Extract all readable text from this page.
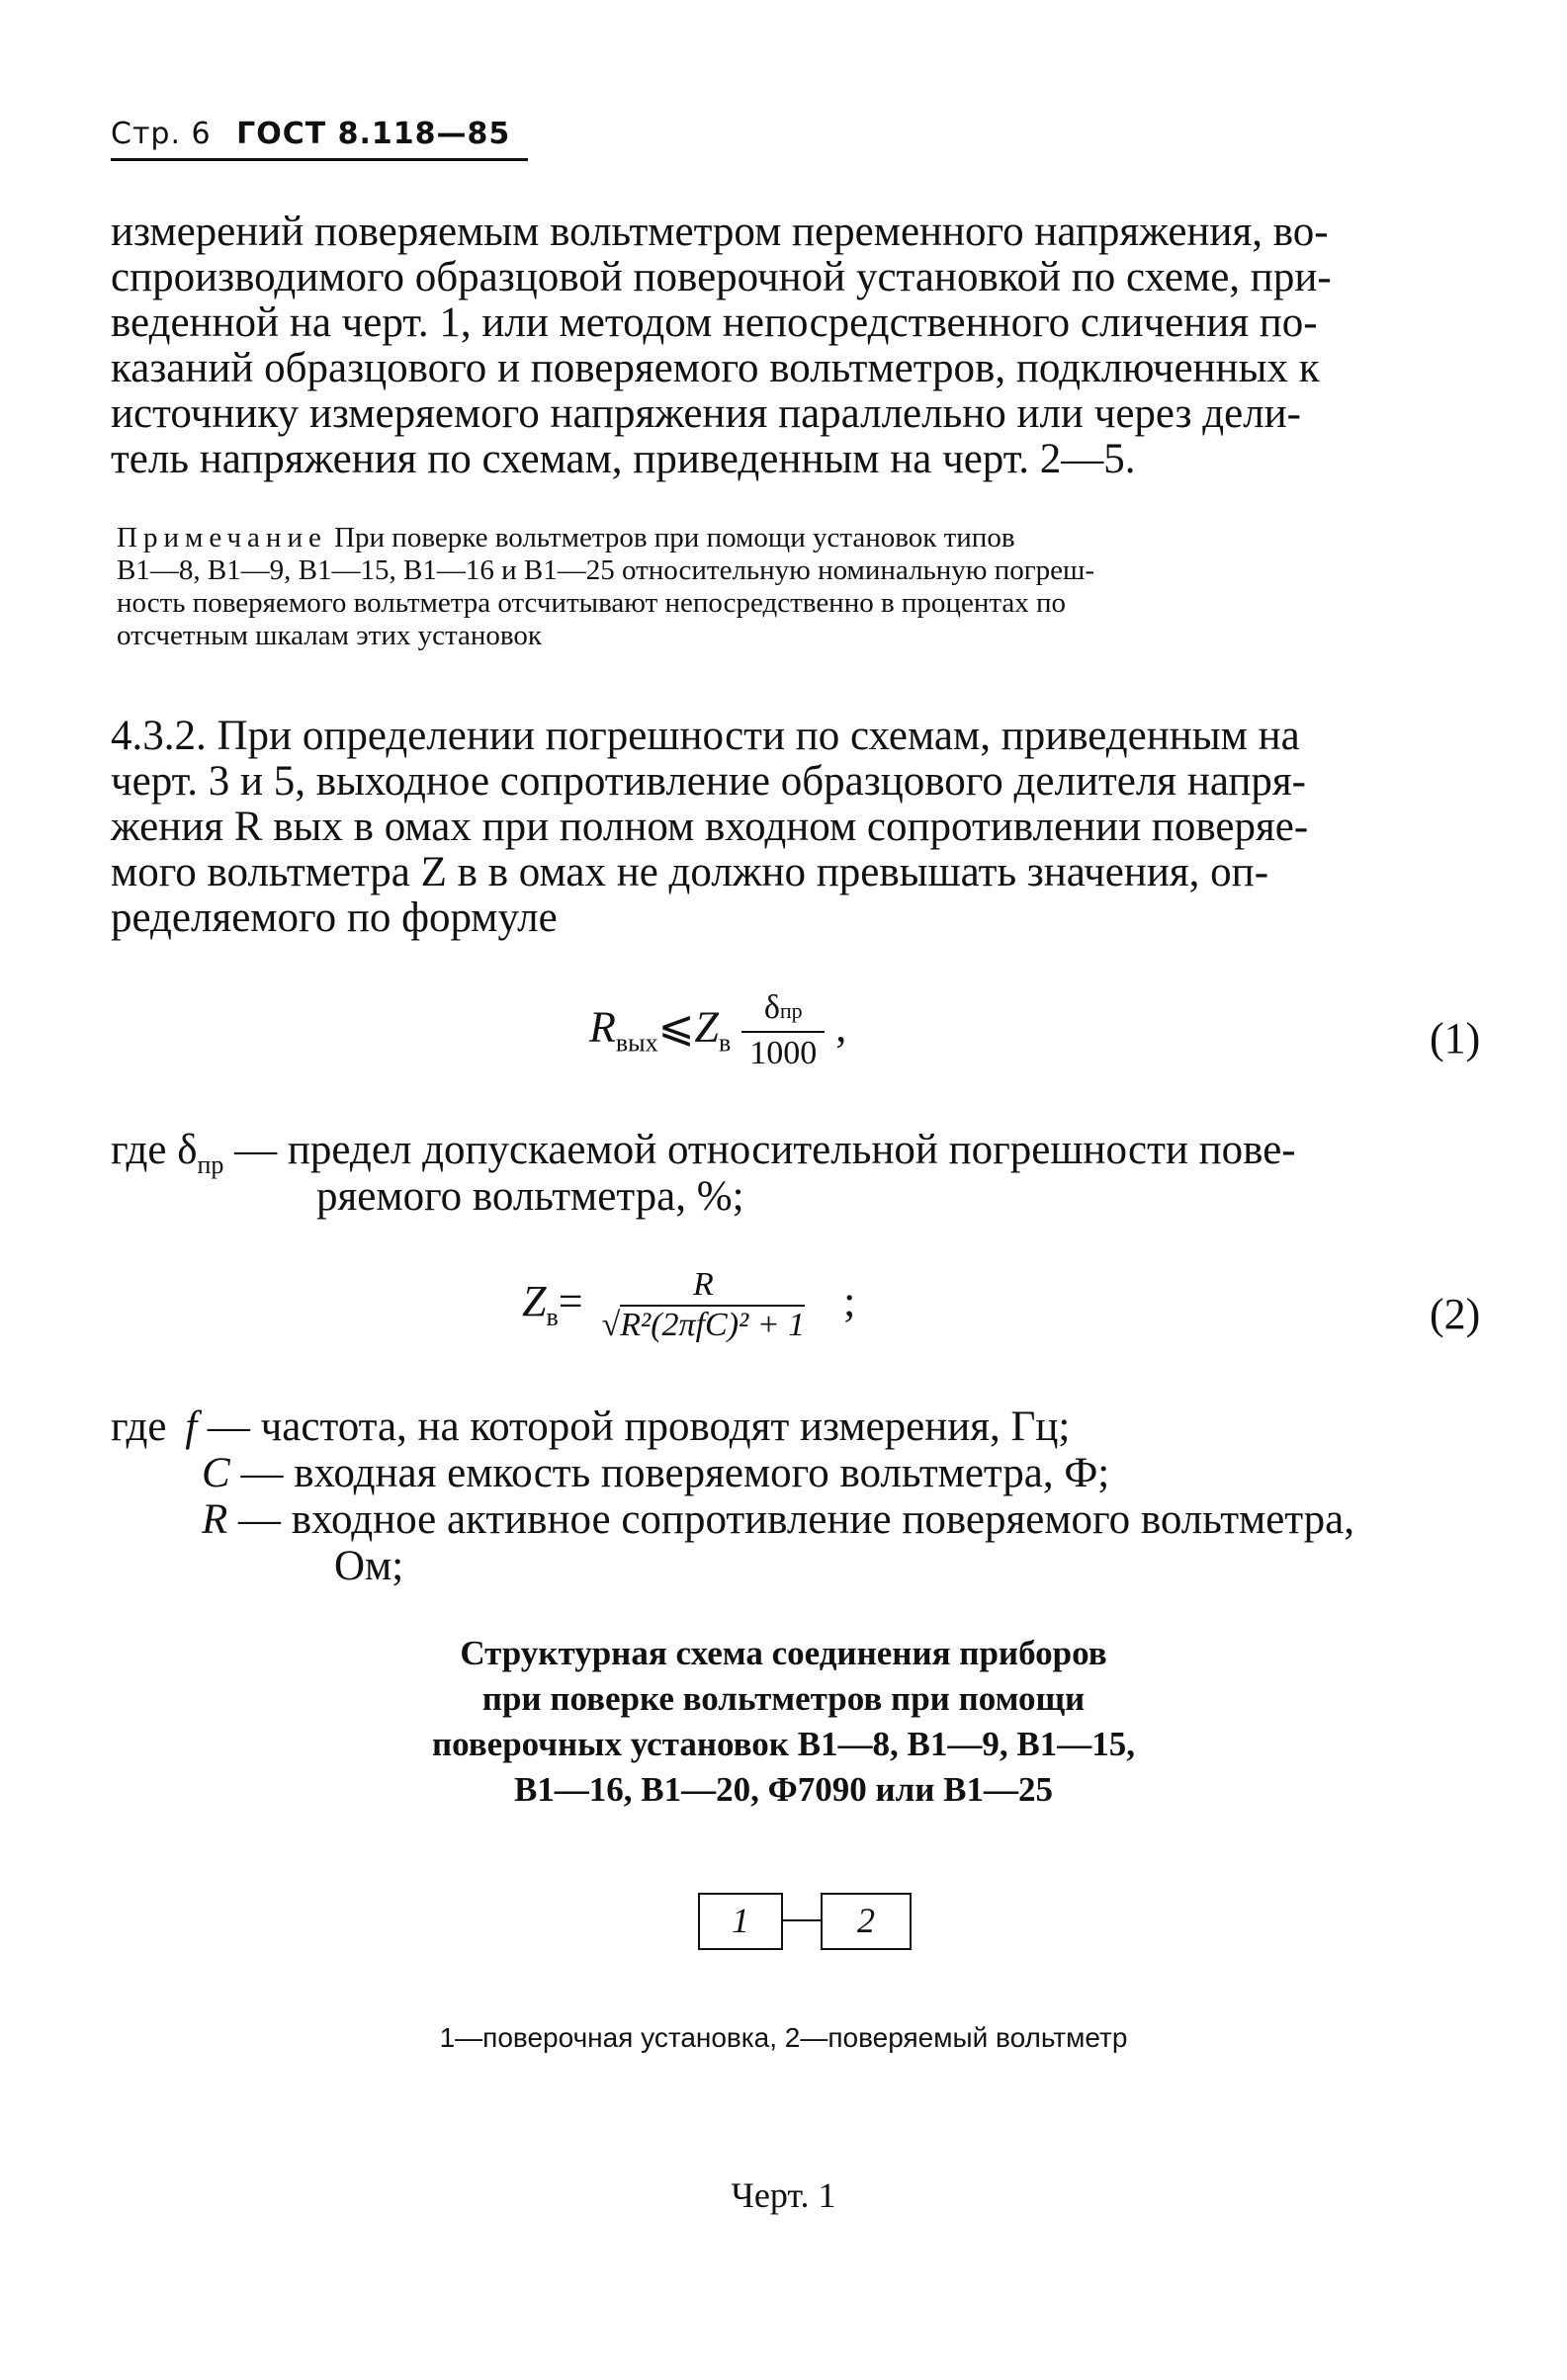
Стр. 6 ГОСТ 8.118—85
измерений поверяемым вольтметром переменного напряжения, во-
спроизводимого образцовой поверочной установкой по схеме, при-
веденной на черт. 1, или методом непосредственного сличения по-
казаний образцового и поверяемого вольтметров, подключенных к
источнику измеряемого напряжения параллельно или через дели-
тель напряжения по схемам, приведенным на черт. 2—5.
Примечание При поверке вольтметров при помощи установок типов
В1—8, В1—9, В1—15, В1—16 и В1—25 относительную номинальную погреш-
ность поверяемого вольтметра отсчитывают непосредственно в процентах по
отсчетным шкалам этих установок
4.3.2. При определении погрешности по схемам, приведенным на
черт. 3 и 5, выходное сопротивление образцового делителя напря-
жения R вых в омах при полном входном сопротивлении поверяе-
мого вольтметра Z в в омах не должно превышать значения, оп-
ределяемого по формуле
$R_{вых}⩽Z_в \frac{\text{δпр}}{1000}$ ,	(1)
где $\delta_{пр}$ — предел допускаемой относительной погрешности пове-
ряемого вольтметра, %;
$Z_в=$	R
√R²(2πfC)² + 1 ;	(2)
где f — частота, на которой проводят измерения, Гц;
C — входная емкость поверяемого вольтметра, Ф;
R — входное активное сопротивление поверяемого вольтметра,
Ом;
Структурная схема соединения приборов
при поверке вольтметров при помощи
поверочных установок В1—8, В1—9, В1—15,
В1—16, В1—20, Ф7090 или В1—25
1	2
1—поверочная установка, 2—поверяемый вольтметр
Черт. 1
